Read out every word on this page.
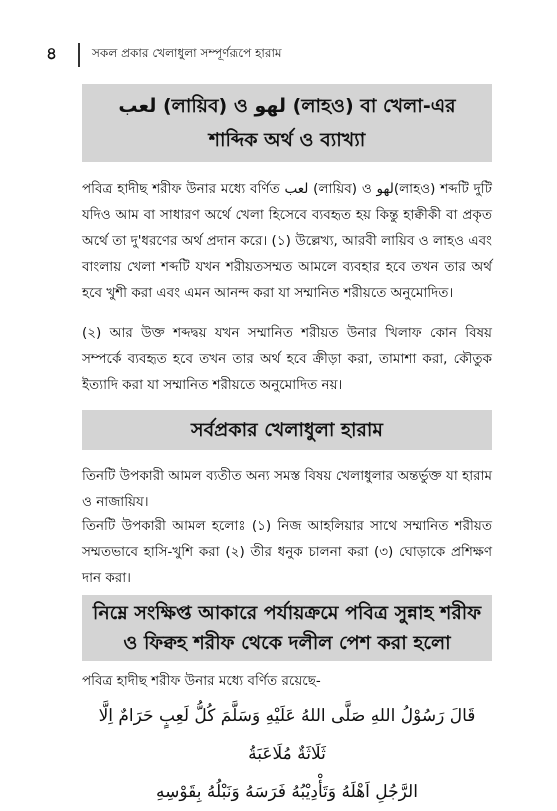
৪	সকল প্রকার খেলাধুলা সম্পূর্ণরূপে হারাম
لعب (লায়িব) ও لهو (লাহও) বা খেলা-এর
শাব্দিক অর্থ ও ব্যাখ্যা

পবিত্র হাদীছ শরীফ উনার মধ্যে বর্ণিত لعب (লায়িব) ও لهو(লাহও) শব্দটি দুটি যদিও আম বা সাধারণ অর্থে খেলা হিসেবে ব্যবহৃত হয় কিন্তু হাক্বীকী বা প্রকৃত অর্থে তা দু'ধরণের অর্থ প্রদান করে। (১) উল্লেখ্য, আরবী লায়িব ও লাহও এবং বাংলায় খেলা শব্দটি যখন শরীয়তসম্মত আমলে ব্যবহার হবে তখন তার অর্থ হবে খুশী করা এবং এমন আনন্দ করা যা সম্মানিত শরীয়তে অনুমোদিত।

(২) আর উক্ত শব্দদ্বয় যখন সম্মানিত শরীয়ত উনার খিলাফ কোন বিষয় সম্পর্কে ব্যবহৃত হবে তখন তার অর্থ হবে ক্রীড়া করা, তামাশা করা, কৌতুক ইত্যাদি করা যা সম্মানিত শরীয়তে অনুমোদিত নয়।

সর্বপ্রকার খেলাধুলা হারাম

তিনটি উপকারী আমল ব্যতীত অন্য সমস্ত বিষয় খেলাধুলার অন্তর্ভুক্ত যা হারাম ও নাজায়িয।

তিনটি উপকারী আমল হলোঃ (১) নিজ আহলিয়ার সাথে সম্মানিত শরীয়ত সম্মতভাবে হাসি-খুশি করা (২) তীর ধনুক চালনা করা (৩) ঘোড়াকে প্রশিক্ষণ দান করা।

নিম্নে সংক্ষিপ্ত আকারে পর্যায়ক্রমে পবিত্র সুন্নাহ শরীফ
ও ফিক্বহ শরীফ থেকে দলীল পেশ করা হলো

পবিত্র হাদীছ শরীফ উনার মধ্যে বর্ণিত রয়েছে-

قَالَ رَسُوْلُ اللهِ صَلَّى اللهُ عَلَيْهِ وَسَلَّمَ كُلُّ لَعِبٍ حَرَامٌ اِلَّا ثَلَاثَةٌ مُلَاعَبَةُ
الرَّجُلِ اَهْلَهُ وَتَأْدِيْبُهُ فَرَسَهُ وَنَبْلُهُ بِقَوْسِهِ
